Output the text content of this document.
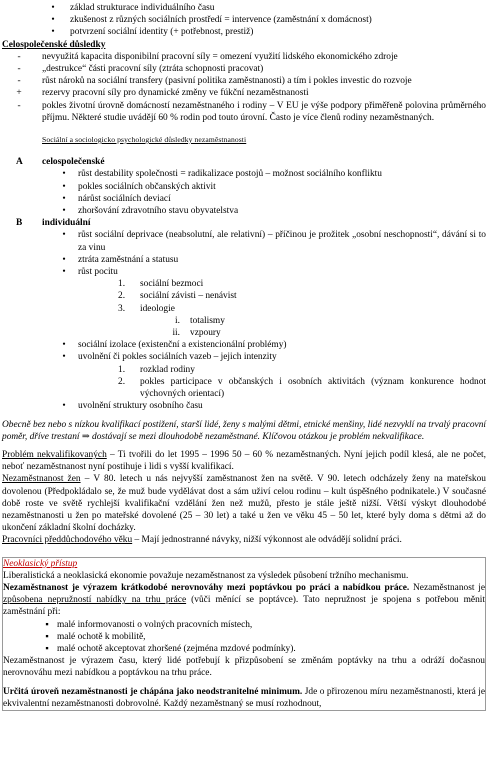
•	základ strukturace individuálního času
•	zkušenost z různých sociálních prostředí = intervence (zaměstnání x domácnost)
•	potvrzení sociální identity (+ potřebnost, prestiž)

Celospolečenské důsledky

-	nevyužitá kapacita disponibilní pracovní síly = omezení využití lidského ekonomického zdroje
-	„destrukce“ části pracovní síly (ztráta schopnosti pracovat)
-	růst nároků na sociální transfery (pasivní politika zaměstnanosti) a tím i pokles investic do rozvoje
+	rezervy pracovní síly pro dynamické změny ve fúkční nezaměstnanosti
-	pokles životní úrovně domácností nezaměstnaného i rodiny – V EU je výše podpory přiměřeně polovina průměrného příjmu. Některé studie uvádějí 60 % rodin pod touto úrovní. Často je více členů rodiny nezaměstnaných.

Sociální a sociologicko psychologické důsledky nezaměstnanosti

A	celospolečenské
•	růst destability společnosti = radikalizace postojů – možnost sociálního konfliktu
•	pokles sociálních občanských aktivit
•	nárůst sociálních deviací
•	zhoršování zdravotního stavu obyvatelstva
B	individuální
•	růst sociální deprivace (neabsolutní, ale relativní) – příčinou je prožitek „osobní neschopnosti“, dávání si to za vinu
•	ztráta zaměstnání a statusu
•	růst pocitu
1.	sociální bezmoci
2.	sociální závisti – nenávist
3.	ideologie
i.	totalismy
ii.	vzpoury
•	sociální izolace (existenční a existencionální problémy)
•	uvolnění či pokles sociálních vazeb – jejich intenzity
1.	rozklad rodiny
2.	pokles participace v občanských i osobních aktivitách (význam konkurence hodnot výchovných orientací)
•	uvolnění struktury osobního času

Obecně bez nebo s nízkou kvalifikací postižení, starší lidé, ženy s malými dětmi, etnické menšiny, lidé nezvyklí na trvalý pracovní poměr, dříve trestaní ⇒ dostávají se mezi dlouhodobě nezaměstnané. Klíčovou otázkou je problém nekvalifikace.

Problém nekvalifikovaných – Ti tvořili do let 1995 – 1996 50 – 60 % nezaměstnaných. Nyní jejich podíl klesá, ale ne počet, neboť nezaměstnanost nyní postihuje i lidi s vyšší kvalifikací.

Nezaměstnanost žen – V 80. letech u nás nejvyšší zaměstnanost žen na světě. V 90. letech odcházely ženy na mateřskou dovolenou (Předpokládalo se, že muž bude vydělávat dost a sám uživí celou rodinu – kult úspěšného podnikatele.) V současné době roste ve světě rychlejší kvalifikační vzdělání žen než mužů, přesto je stále ještě nižší. Větší výskyt dlouhodobé nezaměstnanosti u žen po mateřské dovolené (25 – 30 let) a také u žen ve věku 45 – 50 let, které byly doma s dětmi až do ukončení základní školní docházky.

Pracovníci předdůchodového věku – Mají jednostranné návyky, nižší výkonnost ale odvádějí solidní práci.

Neoklasický přístup

Liberalistická a neoklasická ekonomie považuje nezaměstnanost za výsledek působení tržního mechanismu.

Nezaměstnanost je výrazem krátkodobé nerovnováhy mezi poptávkou po práci a nabídkou práce. Nezaměstnanost je způsobena nepružností nabídky na trhu práce (vůči měnící se poptávce). Tato nepružnost je spojena s potřebou měnit zaměstnání při:

▪ malé informovanosti o volných pracovních místech,
▪ malé ochotě k mobilitě,
▪ malé ochotě akceptovat zhoršené (zejména mzdové podmínky).

Nezaměstnanost je výrazem času, který lidé potřebují k přizpůsobení se změnám poptávky na trhu a odráží dočasnou nerovnováhu mezi nabídkou a poptávkou na trhu práce.

Určitá úroveň nezaměstnanosti je chápána jako neodstranitelné minimum. Jde o přirozenou míru nezaměstnanosti, která je ekvivalentní nezaměstnanosti dobrovolné. Každý nezaměstnaný se musí rozhodnout,
